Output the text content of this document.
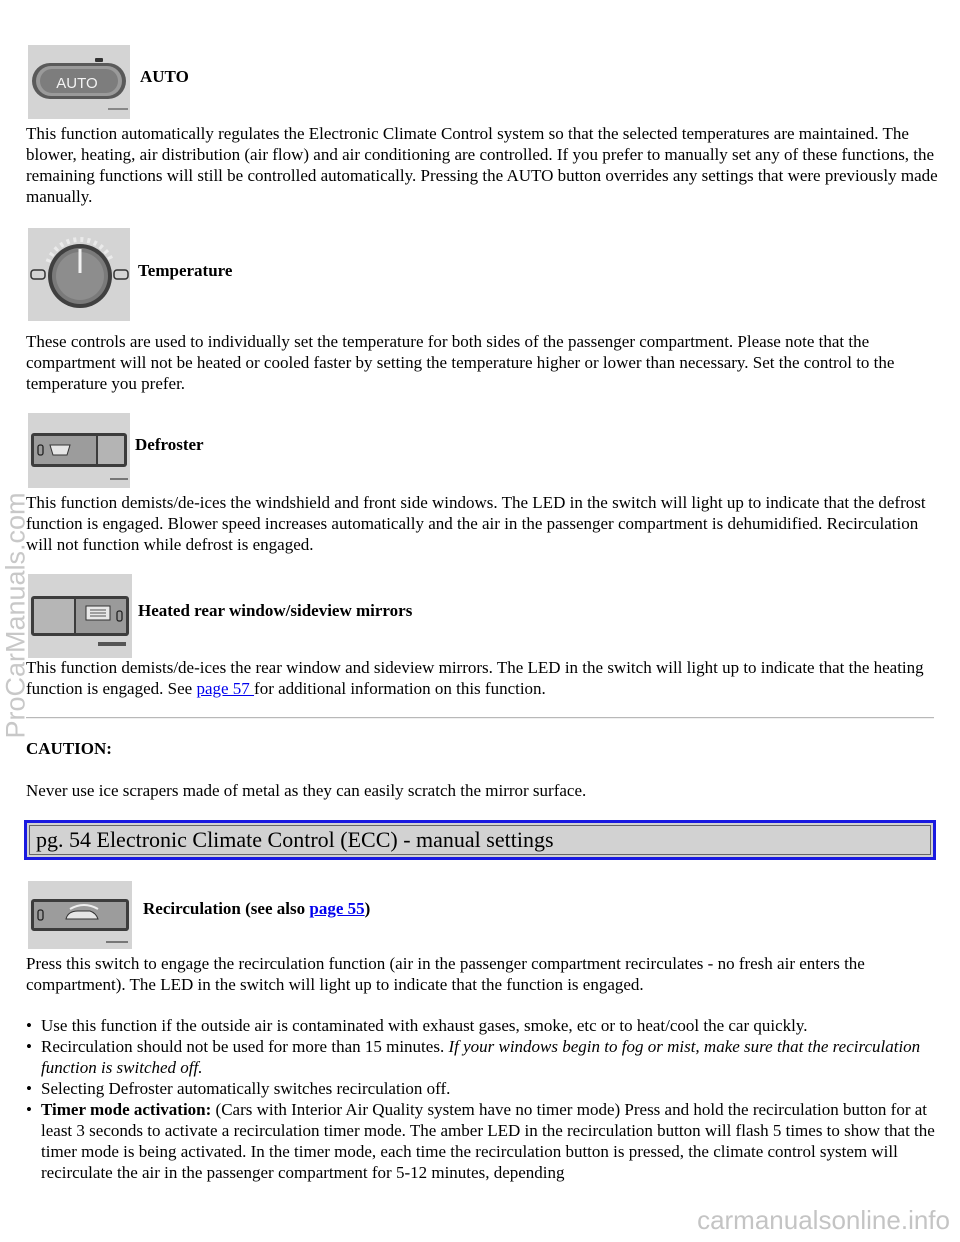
AUTO AUTO

This function automatically regulates the Electronic Climate Control system so that the selected temperatures are maintained. The blower, heating, air distribution (air flow) and air conditioning are controlled. If you prefer to manually set any of these functions, the remaining functions will still be controlled automatically. Pressing the AUTO button overrides any settings that were previously made manually.

Temperature

These controls are used to individually set the temperature for both sides of the passenger compartment. Please note that the compartment will not be heated or cooled faster by setting the temperature higher or lower than necessary. Set the control to the temperature you prefer.

Defroster

This function demists/de-ices the windshield and front side windows. The LED in the switch will light up to indicate that the defrost function is engaged. Blower speed increases automatically and the air in the passenger compartment is dehumidified. Recirculation will not function while defrost is engaged.

Heated rear window/sideview mirrors

This function demists/de-ices the rear window and sideview mirrors. The LED in the switch will light up to indicate that the heating function is engaged. See page 57 for additional information on this function.

CAUTION:

Never use ice scrapers made of metal as they can easily scratch the mirror surface.

pg. 54 Electronic Climate Control (ECC) - manual settings
Recirculation (see also page 55)

Press this switch to engage the recirculation function (air in the passenger compartment recirculates - no fresh air enters the compartment). The LED in the switch will light up to indicate that the function is engaged.

• Use this function if the outside air is contaminated with exhaust gases, smoke, etc or to heat/cool the car quickly.
• Recirculation should not be used for more than 15 minutes. If your windows begin to fog or mist, make sure that the recirculation function is switched off.
• Selecting Defroster automatically switches recirculation off.
• Timer mode activation: (Cars with Interior Air Quality system have no timer mode) Press and hold the recirculation button for at least 3 seconds to activate a recirculation timer mode. The amber LED in the recirculation button will flash 5 times to show that the timer mode is being activated. In the timer mode, each time the recirculation button is pressed, the climate control system will recirculate the air in the passenger compartment for 5-12 minutes, depending
ProCarManuals.com
carmanualsonline.info
